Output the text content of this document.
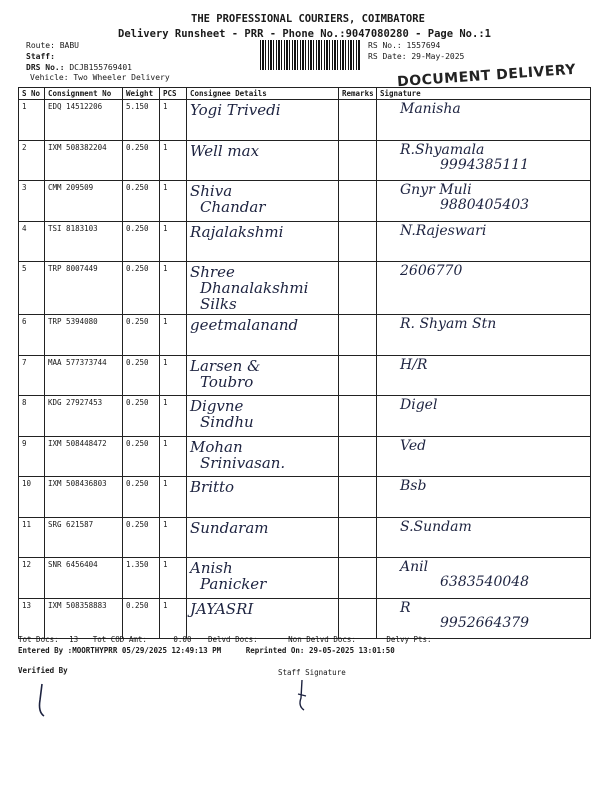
THE PROFESSIONAL COURIERS, COIMBATORE
Delivery Runsheet - PRR - Phone No.:9047080280 - Page No.:1
Route: BABU
Staff:
DRS No.: DCJB155769401
Vehicle: Two Wheeler Delivery
RS No.: 1557694
RS Date: 29-May-2025
DOCUMENT DELIVERY
S No	Consignment No	Weight	PCS	Consignee Details	Remarks	Signature
1	EDQ 14512206	5.150	1	Yogi Trivedi		Manisha

2	IXM 508382204	0.250	1	Well max		R.Shyamala
9994385111

3	CMM 209509	0.250	1	Shiva
Chandar		Gnyr Muli
9880405403

4	TSI 8183103	0.250	1	Rajalakshmi		N.Rajeswari

5	TRP 8007449	0.250	1	Shree
Dhanalakshmi Silks		2606770

6	TRP 5394080	0.250	1	geetmalanand		R. Shyam Stn

7	MAA 577373744	0.250	1	Larsen &
Toubro		H/R

8	KDG 27927453	0.250	1	Digvne
Sindhu		Digel

9	IXM 508448472	0.250	1	Mohan
Srinivasan.		Ved

10	IXM 508436803	0.250	1	Britto		Bsb

11	SRG 621587	0.250	1	Sundaram		S.Sundam

12	SNR 6456404	1.350	1	Anish
Panicker		Anil
6383540048

13	IXM 508358883	0.250	1	JAYASRI		R
9952664379
Tot Docs: 13 Tot COD Amt:	0.00 Delvd Docs:	Non Delvd Docs:	Delvy Pts:
Entered By :MOORTHYPRR 05/29/2025 12:49:13 PM	Reprinted On: 29-05-2025 13:01:50
Verified By	Staff Signature
